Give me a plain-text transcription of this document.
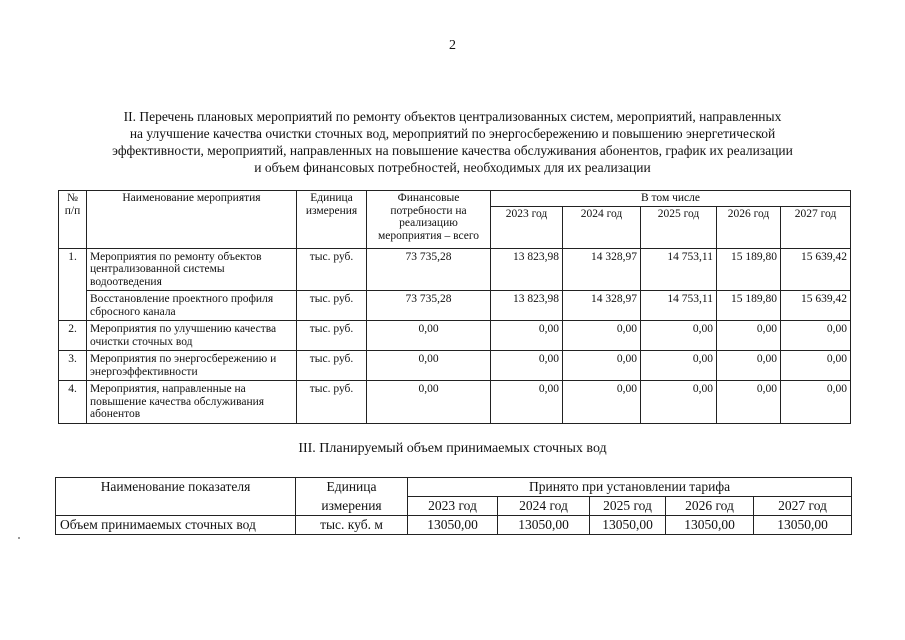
2
II. Перечень плановых мероприятий по ремонту объектов централизованных систем, мероприятий, направленных
на улучшение качества очистки сточных вод, мероприятий по энергосбережению и повышению энергетической
эффективности, мероприятий, направленных на повышение качества обслуживания абонентов, график их реализации
и объем финансовых потребностей, необходимых для их реализации
№ п/п	Наименование мероприятия	Единица измерения	Финансовые потребности на реализацию мероприятия – всего	В том числе				
				2023 год	2024 год	2025 год	2026 год	2027 год
1.	Мероприятия по ремонту объектов централизованной системы водоотведения	тыс. руб.	73 735,28	13 823,98	14 328,97	14 753,11	15 189,80	15 639,42
	Восстановление проектного профиля сбросного канала	тыс. руб.	73 735,28	13 823,98	14 328,97	14 753,11	15 189,80	15 639,42
2.	Мероприятия по улучшению качества очистки сточных вод	тыс. руб.	0,00	0,00	0,00	0,00	0,00	0,00
3.	Мероприятия по энергосбережению и энергоэффективности	тыс. руб.	0,00	0,00	0,00	0,00	0,00	0,00
4.	Мероприятия, направленные на повышение качества обслуживания абонентов	тыс. руб.	0,00	0,00	0,00	0,00	0,00	0,00
III. Планируемый объем принимаемых сточных вод
Наименование показателя	Единица	Принято при установлении тарифа				
	измерения	2023 год	2024 год	2025 год	2026 год	2027 год
Объем принимаемых сточных вод	тыс. куб. м	13050,00	13050,00	13050,00	13050,00	13050,00
